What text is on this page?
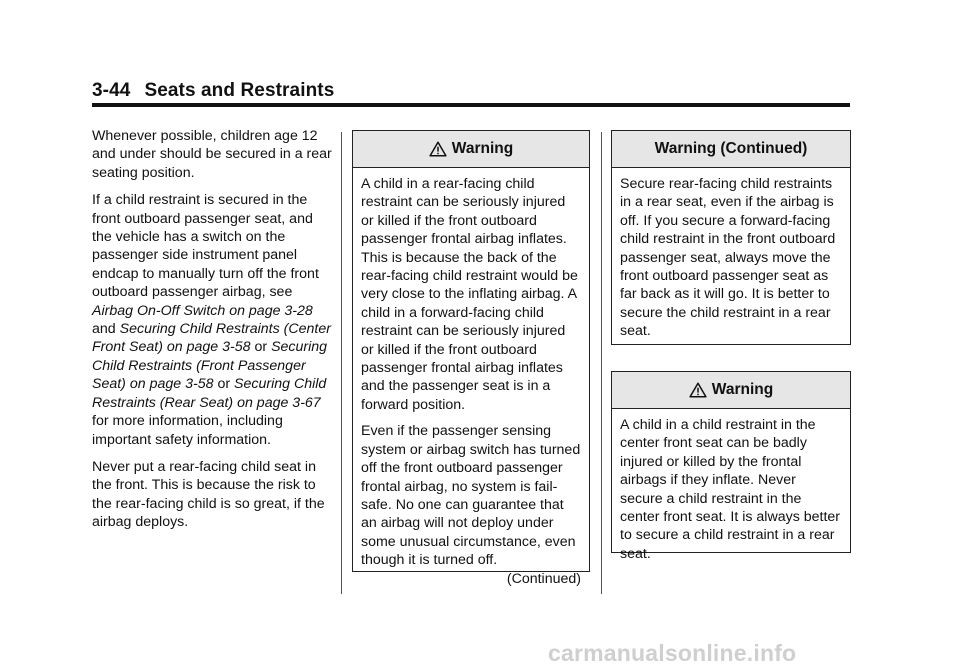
3-44 Seats and Restraints

Whenever possible, children age 12 and under should be secured in a rear seating position.

If a child restraint is secured in the front outboard passenger seat, and the vehicle has a switch on the passenger side instrument panel endcap to manually turn off the front outboard passenger airbag, see Airbag On-Off Switch on page 3-28 and Securing Child Restraints (Center Front Seat) on page 3-58 or Securing Child Restraints (Front Passenger Seat) on page 3-58 or Securing Child Restraints (Rear Seat) on page 3-67 for more information, including important safety information.

Never put a rear-facing child seat in the front. This is because the risk to the rear-facing child is so great, if the airbag deploys.

Warning

A child in a rear-facing child restraint can be seriously injured or killed if the front outboard passenger frontal airbag inflates. This is because the back of the rear-facing child restraint would be very close to the inflating airbag. A child in a forward-facing child restraint can be seriously injured or killed if the front outboard passenger frontal airbag inflates and the passenger seat is in a forward position.

Even if the passenger sensing system or airbag switch has turned off the front outboard passenger frontal airbag, no system is fail-safe. No one can guarantee that an airbag will not deploy under some unusual circumstance, even though it is turned off.

(Continued)
Warning (Continued)

Secure rear-facing child restraints in a rear seat, even if the airbag is off. If you secure a forward-facing child restraint in the front outboard passenger seat, always move the front outboard passenger seat as far back as it will go. It is better to secure the child restraint in a rear seat.

Warning

A child in a child restraint in the center front seat can be badly injured or killed by the frontal airbags if they inflate. Never secure a child restraint in the center front seat. It is always better to secure a child restraint in a rear seat.

carmanualsonline.info
